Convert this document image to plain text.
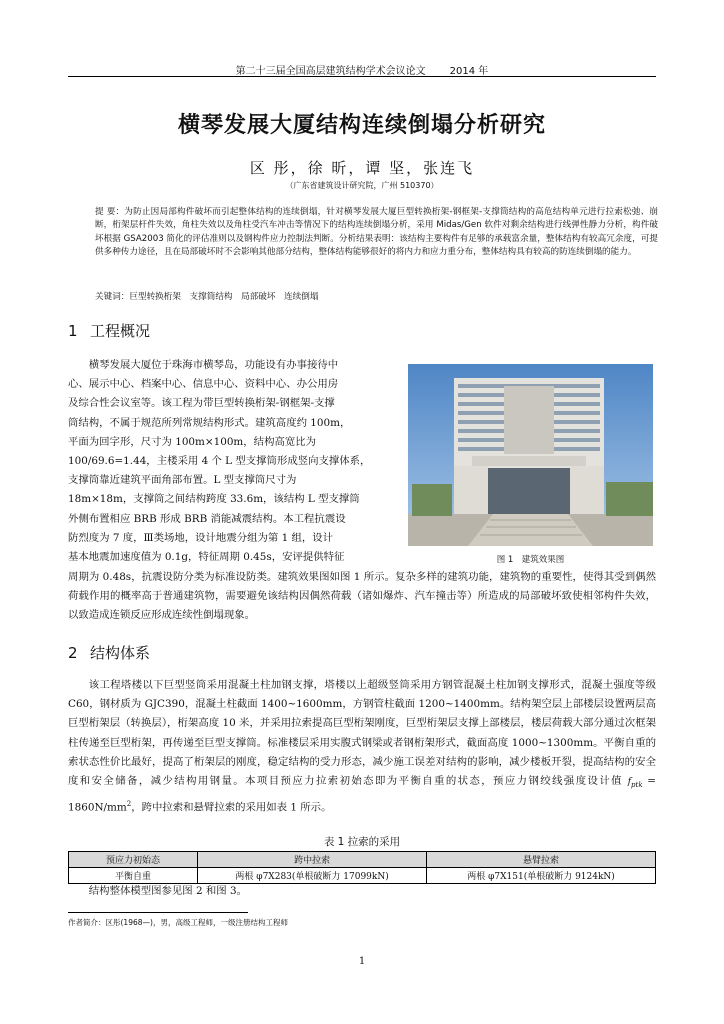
第二十三届全国高层建筑结构学术会议论文 2014 年
横琴发展大厦结构连续倒塌分析研究
区 彤，徐 昕，谭 坚，张连飞
（广东省建筑设计研究院，广州 510370）
提 要：为防止因局部构件破坏而引起整体结构的连续倒塌，针对横琴发展大厦巨型转换桁架-钢框架-支撑筒结构的高危结构单元进行拉索松弛、崩断，桁架层杆件失效，角柱失效以及角柱受汽车冲击等情况下的结构连续倒塌分析，采用 Midas/Gen 软件对剩余结构进行线弹性静力分析，构件破坏根据 GSA2003 简化的评估准则以及钢构件应力控制法判断。分析结果表明：该结构主要构件有足够的承载富余量，整体结构有较高冗余度，可提供多种传力途径，且在局部破坏时不会影响其他部分结构，整体结构能够很好的将内力和应力重分布，整体结构具有较高的防连续倒塌的能力。
关键词：巨型转换桁架　支撑筒结构　局部破坏　连续倒塌
1 工程概况
横琴发展大厦位于珠海市横琴岛，功能设有办事接待中
心、展示中心、档案中心、信息中心、资料中心、办公用房
及综合性会议室等。该工程为带巨型转换桁架-钢框架-支撑
筒结构，不属于规范所列常规结构形式。建筑高度约 100m，
平面为回字形，尺寸为 100m×100m，结构高宽比为
100/69.6=1.44，主楼采用 4 个 L 型支撑筒形成竖向支撑体系，
支撑筒靠近建筑平面角部布置。L 型支撑筒尺寸为
18m×18m，支撑筒之间结构跨度 33.6m，该结构 L 型支撑筒
外侧布置相应 BRB 形成 BRB 消能减震结构。本工程抗震设
防烈度为 7 度，Ⅲ类场地，设计地震分组为第 1 组，设计
基本地震加速度值为 0.1g，特征周期 0.45s，安评提供特征	图 1　建筑效果图
周期为 0.48s，抗震设防分类为标准设防类。建筑效果图如图 1 所示。复杂多样的建筑功能，建筑物的重要性，使得其受到偶然荷载作用的概率高于普通建筑物，需要避免该结构因偶然荷载（诸如爆炸、汽车撞击等）所造成的局部破坏致使相邻构件失效，以致造成连锁反应形成连续性倒塌现象。
2 结构体系
该工程塔楼以下巨型竖筒采用混凝土柱加钢支撑，塔楼以上超级竖筒采用方钢管混凝土柱加钢支撑形式，混凝土强度等级 C60，钢材质为 GJC390，混凝土柱截面 1400~1600mm，方钢管柱截面 1200~1400mm。结构架空层上部楼层设置两层高巨型桁架层（转换层），桁架高度 10 米，并采用拉索提高巨型桁架刚度，巨型桁架层支撑上部楼层，楼层荷载大部分通过次框架柱传递至巨型桁架，再传递至巨型支撑筒。标准楼层采用实腹式钢梁或者钢桁架形式，截面高度 1000~1300mm。平衡自重的索状态性价比最好，提高了桁架层的刚度，稳定结构的受力形态，减少施工误差对结构的影响，减少楼板开裂，提高结构的安全度和安全储备，减少结构用钢量。本项目预应力拉索初始态即为平衡自重的状态，预应力钢绞线强度设计值 $f_{ptk} = 1860N/mm^2$，跨中拉索和悬臂拉索的采用如表 1 所示。
表 1 拉索的采用
预应力初始态	跨中拉索	悬臂拉索
平衡自重	两根 φ7X283(单根破断力 17099kN)	两根 φ7X151(单根破断力 9124kN)
结构整体模型图参见图 2 和图 3。
作者简介：区彤(1968—)，男，高级工程师，一级注册结构工程师
1
